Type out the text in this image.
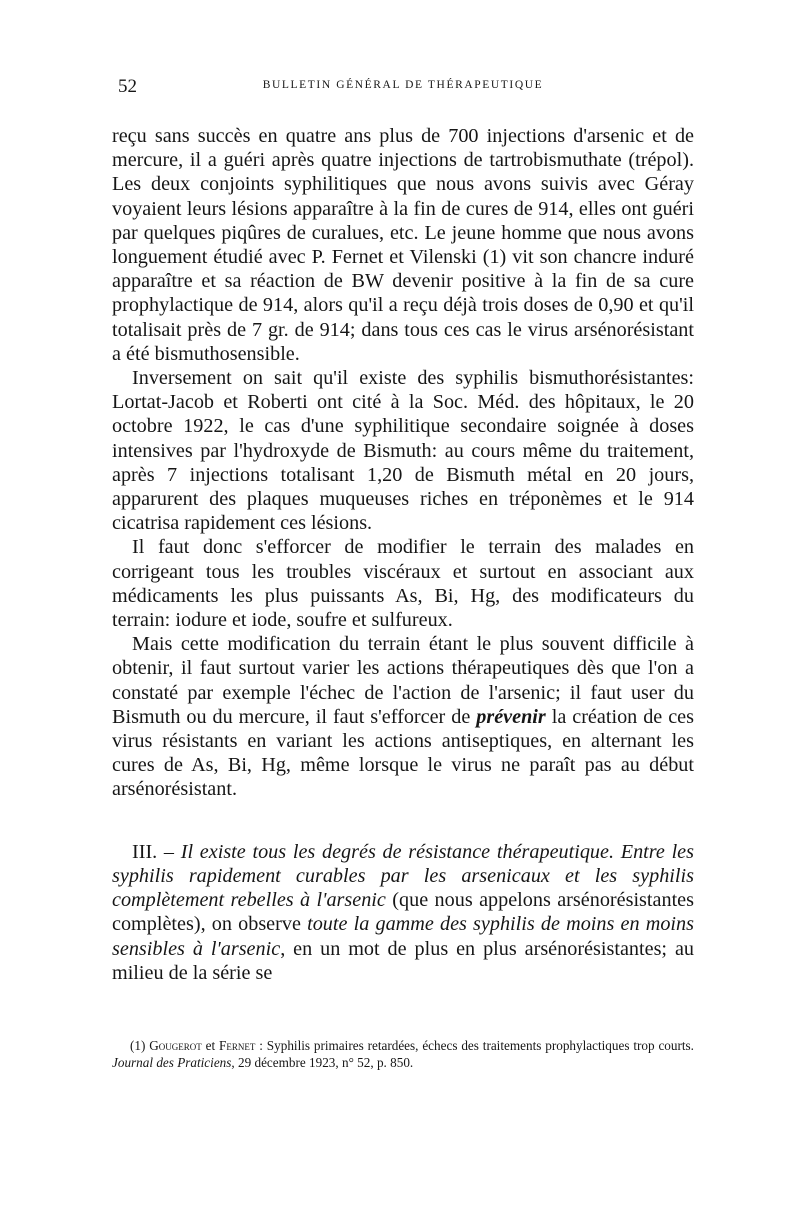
52	BULLETIN GÉNÉRAL DE THÉRAPEUTIQUE

reçu sans succès en quatre ans plus de 700 injections d'arsenic et de mercure, il a guéri après quatre injections de tartrobismuthate (trépol). Les deux conjoints syphilitiques que nous avons suivis avec Géray voyaient leurs lésions apparaître à la fin de cures de 914, elles ont guéri par quelques piqûres de curalues, etc. Le jeune homme que nous avons longuement étudié avec P. Fernet et Vilenski (1) vit son chancre induré apparaître et sa réaction de BW devenir positive à la fin de sa cure prophylactique de 914, alors qu'il a reçu déjà trois doses de 0,90 et qu'il totalisait près de 7 gr. de 914; dans tous ces cas le virus arsénorésistant a été bismuthosensible.

Inversement on sait qu'il existe des syphilis bismuthorésistantes: Lortat-Jacob et Roberti ont cité à la Soc. Méd. des hôpitaux, le 20 octobre 1922, le cas d'une syphilitique secondaire soignée à doses intensives par l'hydroxyde de Bismuth: au cours même du traitement, après 7 injections totalisant 1,20 de Bismuth métal en 20 jours, apparurent des plaques muqueuses riches en tréponèmes et le 914 cicatrisa rapidement ces lésions.

Il faut donc s'efforcer de modifier le terrain des malades en corrigeant tous les troubles viscéraux et surtout en associant aux médicaments les plus puissants As, Bi, Hg, des modificateurs du terrain: iodure et iode, soufre et sulfureux.

Mais cette modification du terrain étant le plus souvent difficile à obtenir, il faut surtout varier les actions thérapeutiques dès que l'on a constaté par exemple l'échec de l'action de l'arsenic; il faut user du Bismuth ou du mercure, il faut s'efforcer de prévenir la création de ces virus résistants en variant les actions antiseptiques, en alternant les cures de As, Bi, Hg, même lorsque le virus ne paraît pas au début arsénorésistant.

III. – Il existe tous les degrés de résistance thérapeutique. Entre les syphilis rapidement curables par les arsenicaux et les syphilis complètement rebelles à l'arsenic (que nous appelons arsénorésistantes complètes), on observe toute la gamme des syphilis de moins en moins sensibles à l'arsenic, en un mot de plus en plus arsénorésistantes; au milieu de la série se

(1) Gougerot et Fernet : Syphilis primaires retardées, échecs des traitements prophylactiques trop courts. Journal des Praticiens, 29 décembre 1923, n° 52, p. 850.
